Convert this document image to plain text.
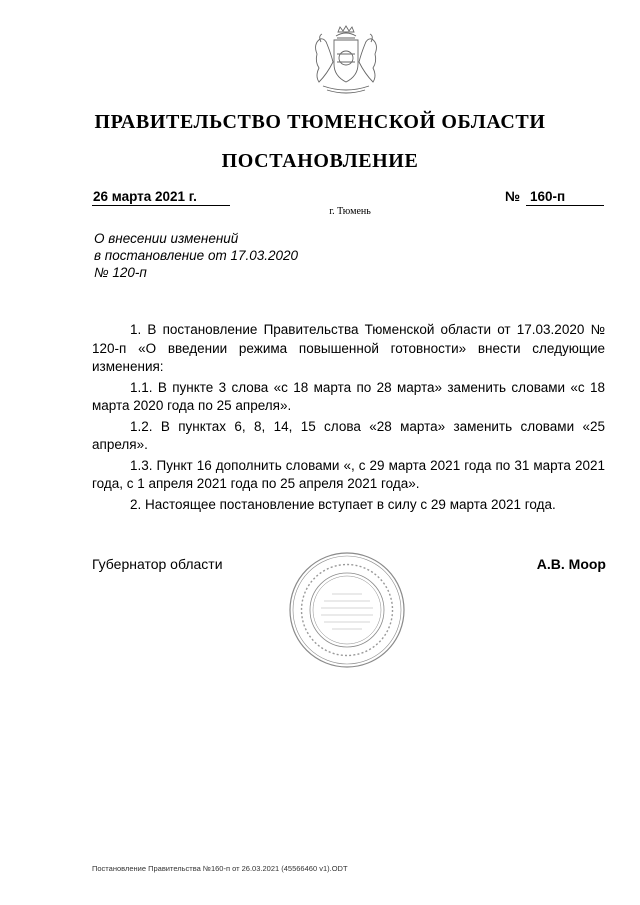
ПРАВИТЕЛЬСТВО ТЮМЕНСКОЙ ОБЛАСТИ
ПОСТАНОВЛЕНИЕ
26 марта 2021 г.	№ 160-п
г. Тюмень
О внесении изменений
в постановление от 17.03.2020
№ 120-п

1. В постановление Правительства Тюменской области от 17.03.2020 № 120-п «О введении режима повышенной готовности» внести следующие изменения:

1.1. В пункте 3 слова «с 18 марта по 28 марта» заменить словами «с 18 марта 2020 года по 25 апреля».

1.2. В пунктах 6, 8, 14, 15 слова «28 марта» заменить словами «25 апреля».

1.3. Пункт 16 дополнить словами «, с 29 марта 2021 года по 31 марта 2021 года, с 1 апреля 2021 года по 25 апреля 2021 года».

2. Настоящее постановление вступает в силу с 29 марта 2021 года.

Губернатор области	А.В. Моор
Постановление Правительства №160-п от 26.03.2021 (45566460 v1).ODT
